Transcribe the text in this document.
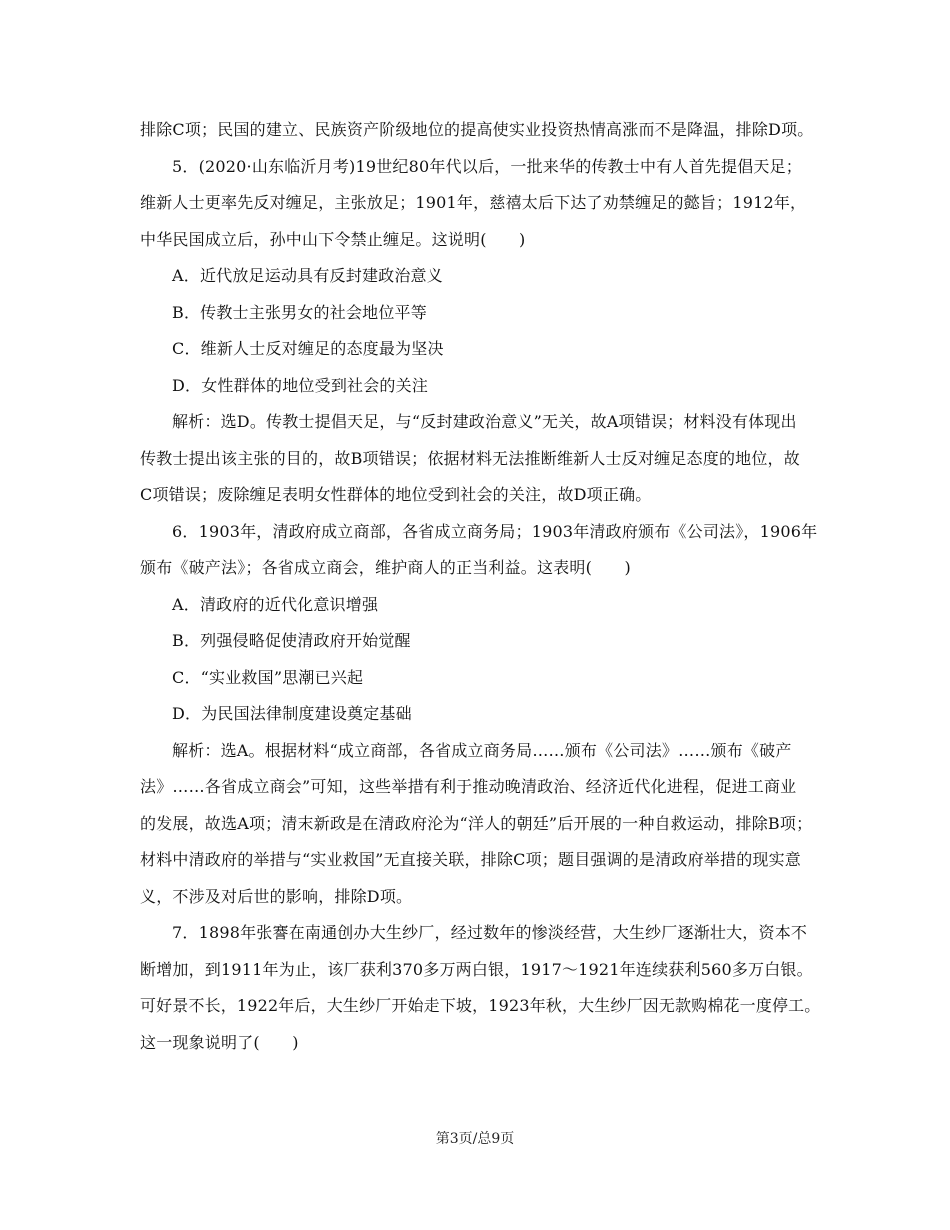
排除C项；民国的建立、民族资产阶级地位的提高使实业投资热情高涨而不是降温，排除D项。
5．(2020·山东临沂月考)19世纪80年代以后，一批来华的传教士中有人首先提倡天足；
维新人士更率先反对缠足，主张放足；1901年，慈禧太后下达了劝禁缠足的懿旨；1912年，
中华民国成立后，孙中山下令禁止缠足。这说明(　　)
A．近代放足运动具有反封建政治意义
B．传教士主张男女的社会地位平等
C．维新人士反对缠足的态度最为坚决
D．女性群体的地位受到社会的关注
解析：选D。传教士提倡天足，与“反封建政治意义”无关，故A项错误；材料没有体现出
传教士提出该主张的目的，故B项错误；依据材料无法推断维新人士反对缠足态度的地位，故
C项错误；废除缠足表明女性群体的地位受到社会的关注，故D项正确。
6．1903年，清政府成立商部，各省成立商务局；1903年清政府颁布《公司法》，1906年
颁布《破产法》；各省成立商会，维护商人的正当利益。这表明(　　)
A．清政府的近代化意识增强
B．列强侵略促使清政府开始觉醒
C．“实业救国”思潮已兴起
D．为民国法律制度建设奠定基础
解析：选A。根据材料“成立商部，各省成立商务局……颁布《公司法》……颁布《破产
法》……各省成立商会”可知，这些举措有利于推动晚清政治、经济近代化进程，促进工商业
的发展，故选A项；清末新政是在清政府沦为“洋人的朝廷”后开展的一种自救运动，排除B项；
材料中清政府的举措与“实业救国”无直接关联，排除C项；题目强调的是清政府举措的现实意
义，不涉及对后世的影响，排除D项。
7．1898年张謇在南通创办大生纱厂，经过数年的惨淡经营，大生纱厂逐渐壮大，资本不
断增加，到1911年为止，该厂获利370多万两白银，1917～1921年连续获利560多万白银。
可好景不长，1922年后，大生纱厂开始走下坡，1923年秋，大生纱厂因无款购棉花一度停工。
这一现象说明了(　　)
第3页/总9页
